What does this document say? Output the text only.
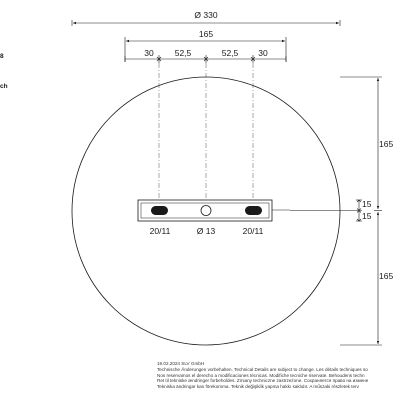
8
ch
Ø 330
165
30 52,5	52,5 30
20/11	Ø 13	20/11
165
165
15
15
19.02.2024 SLV GmbH
Technische Änderungen vorbehalten. Technical Details are subject to change. Les détails techniques so
Nos reservamos el derecho a modificaciones técnicas. Modifiche tecniche riservate. Behoudens techn
Ret til tekniske ændringer forbeholdes. Zmiany techniczne zastrzeżone. Сохраняется право на измене
Tekniska ändringar kan förekomma. Teknik değişiklik yapma hakkı saklıdır. A műszaki részletek terv
